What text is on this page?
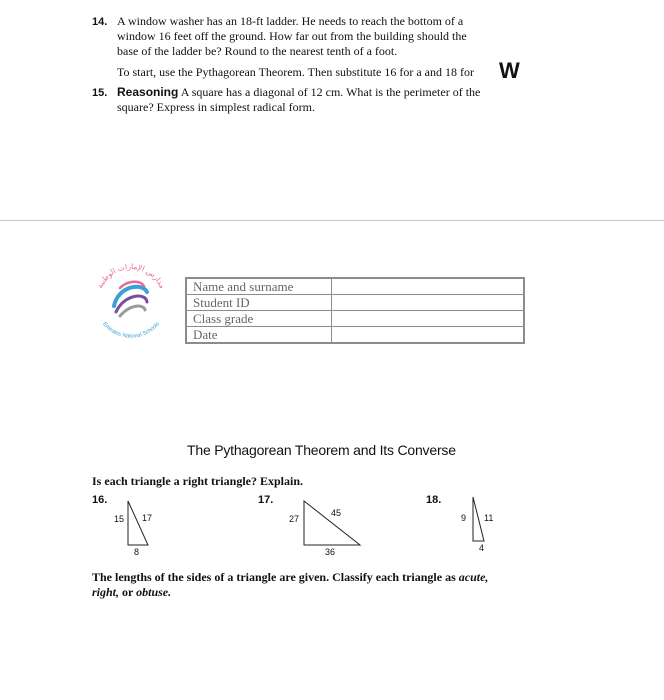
14. A window washer has an 18-ft ladder. He needs to reach the bottom of a
window 16 feet off the ground. How far out from the building should the
base of the ladder be? Round to the nearest tenth of a foot.
To start, use the Pythagorean Theorem. Then substitute 16 for a and 18 for	W
15. Reasoning A square has a diagonal of 12 cm. What is the perimeter of the
square? Express in simplest radical form.
مدارس الإمارات الوطنية
Emirates National Schools
Name and surname	
Student ID	
Class grade	
Date	
The Pythagorean Theorem and Its Converse
Is each triangle a right triangle? Explain.
16.
15 17
8
17.
27
45
36
18.
9 11
4
The lengths of the sides of a triangle are given. Classify each triangle as acute,
right, or obtuse.
